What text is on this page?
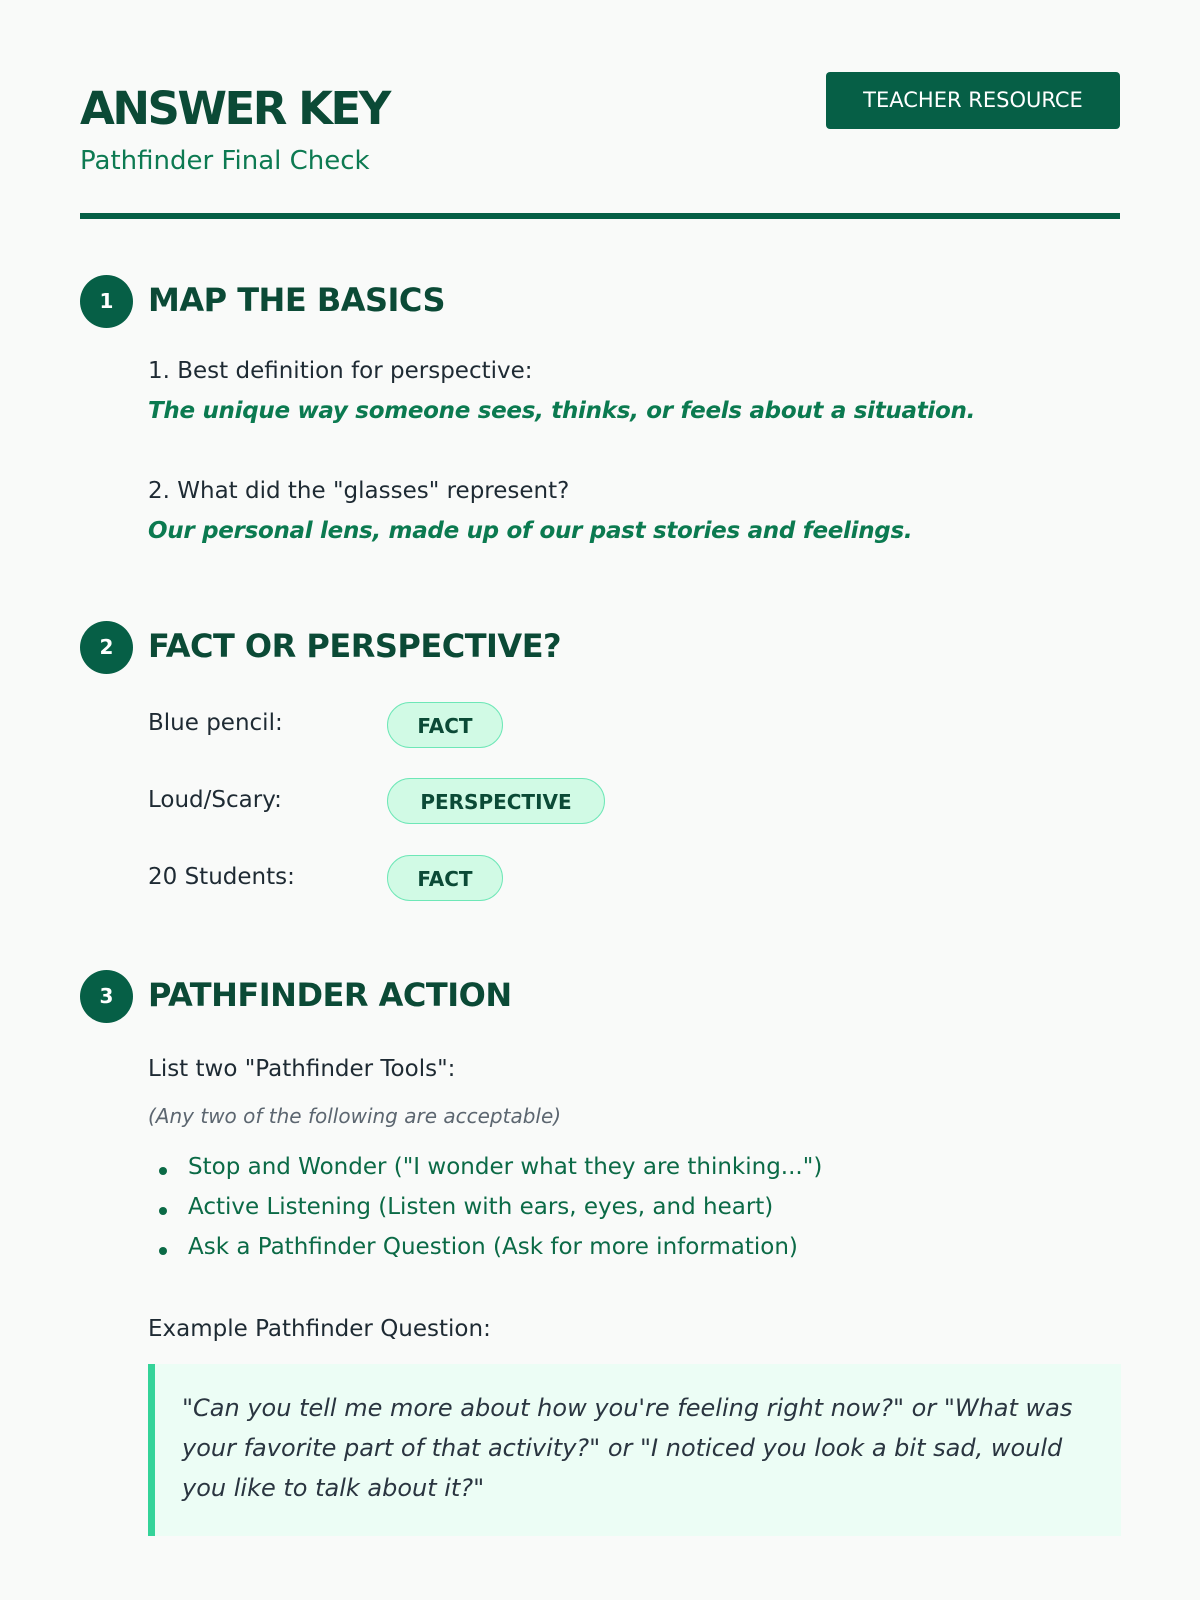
ANSWER KEY
Pathfinder Final Check
TEACHER RESOURCE
1	MAP THE BASICS
1. Best definition for perspective:
The unique way someone sees, thinks, or feels about a situation.
2. What did the "glasses" represent?
Our personal lens, made up of our past stories and feelings.
2	FACT OR PERSPECTIVE?
Blue pencil:	FACT
Loud/Scary:	PERSPECTIVE
20 Students:	FACT
3	PATHFINDER ACTION
List two "Pathfinder Tools":
(Any two of the following are acceptable)
Stop and Wonder ("I wonder what they are thinking...")
Active Listening (Listen with ears, eyes, and heart)
Ask a Pathfinder Question (Ask for more information)
Example Pathfinder Question:
"Can you tell me more about how you're feeling right now?" or "What was your favorite part of that activity?" or "I noticed you look a bit sad, would you like to talk about it?"
